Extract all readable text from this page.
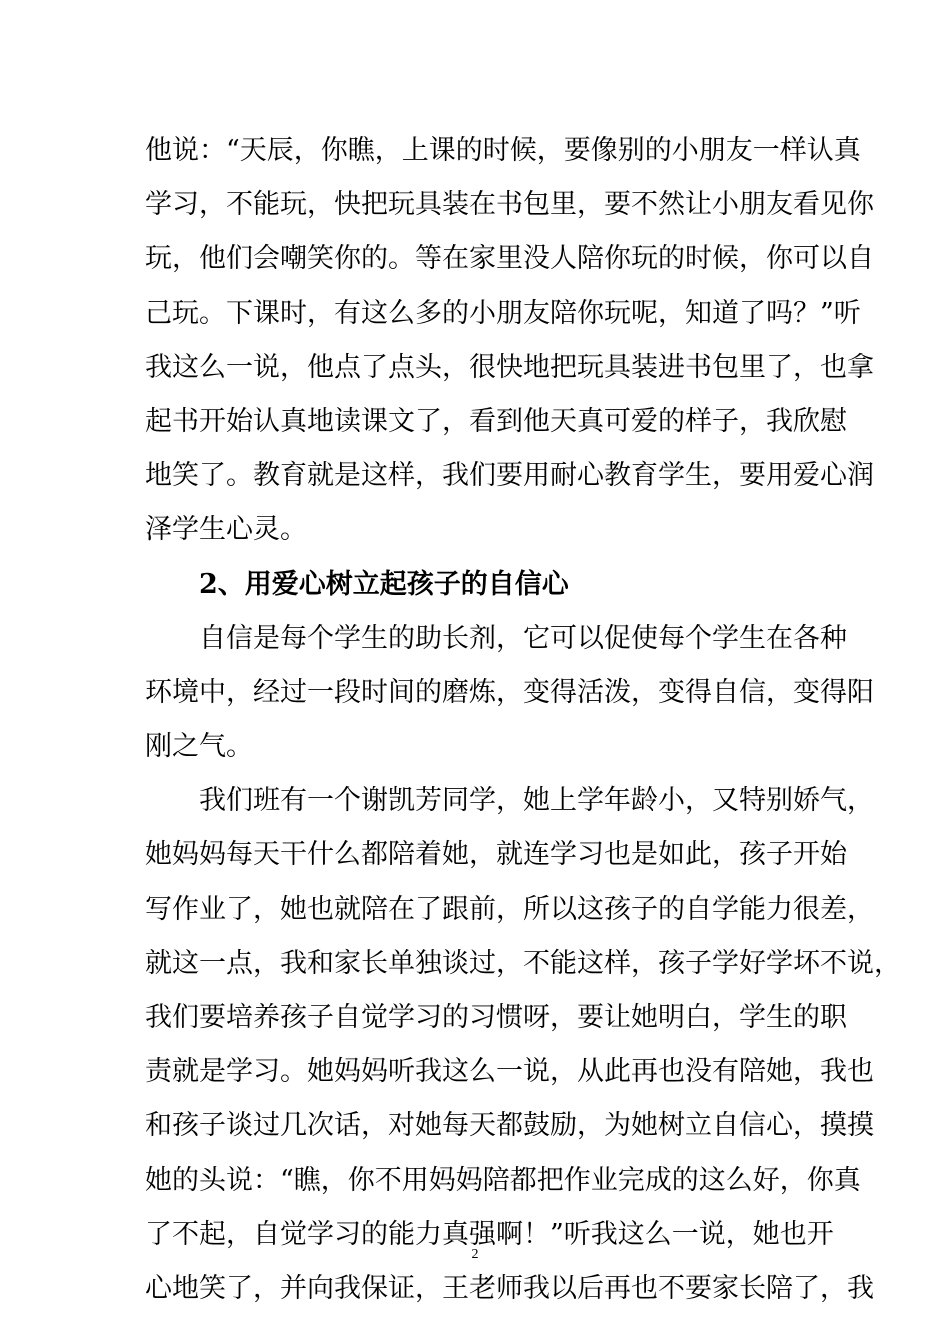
他说：“天辰，你瞧，上课的时候，要像别的小朋友一样认真
学习，不能玩，快把玩具装在书包里，要不然让小朋友看见你
玩，他们会嘲笑你的。等在家里没人陪你玩的时候，你可以自
己玩。下课时，有这么多的小朋友陪你玩呢，知道了吗？”听
我这么一说，他点了点头，很快地把玩具装进书包里了，也拿
起书开始认真地读课文了，看到他天真可爱的样子，我欣慰
地笑了。教育就是这样，我们要用耐心教育学生，要用爱心润
泽学生心灵。
2、用爱心树立起孩子的自信心
自信是每个学生的助长剂，它可以促使每个学生在各种
环境中，经过一段时间的磨炼，变得活泼，变得自信，变得阳
刚之气。
我们班有一个谢凯芳同学，她上学年龄小，又特别娇气，
她妈妈每天干什么都陪着她，就连学习也是如此，孩子开始
写作业了，她也就陪在了跟前，所以这孩子的自学能力很差，
就这一点，我和家长单独谈过，不能这样，孩子学好学坏不说，
我们要培养孩子自觉学习的习惯呀，要让她明白，学生的职
责就是学习。她妈妈听我这么一说，从此再也没有陪她，我也
和孩子谈过几次话，对她每天都鼓励，为她树立自信心，摸摸
她的头说：“瞧，你不用妈妈陪都把作业完成的这么好，你真
了不起，自觉学习的能力真强啊！”听我这么一说，她也开
心地笑了，并向我保证，王老师我以后再也不要家长陪了，我
2
